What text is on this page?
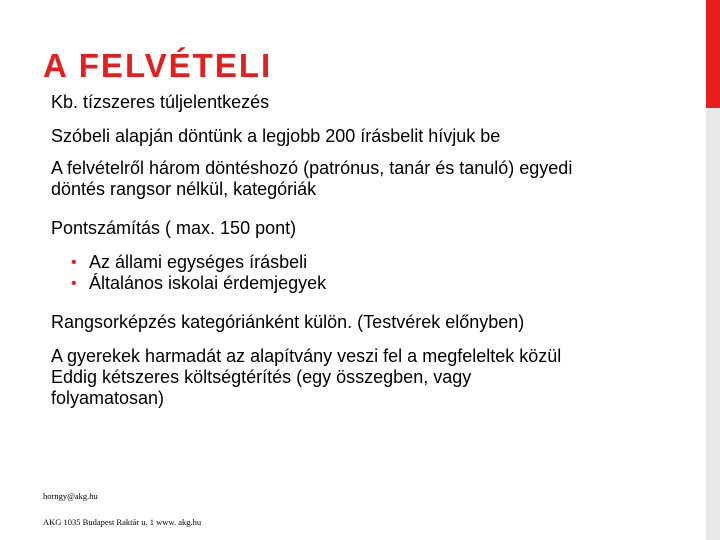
A FELVÉTELI
Kb. tízszeres túljelentkezés
Szóbeli alapján döntünk a legjobb 200 írásbelit hívjuk be
A felvételről három döntéshozó (patrónus, tanár és tanuló) egyedi
döntés rangsor nélkül, kategóriák
Pontszámítás ( max. 150 pont)
• Az állami egységes írásbeli
• Általános iskolai érdemjegyek
Rangsorképzés kategóriánként külön. (Testvérek előnyben)
A gyerekek harmadát az alapítvány veszi fel a megfeleltek közül
Eddig kétszeres költségtérítés (egy összegben, vagy
folyamatosan)
horngy@akg.hu
AKG 1035 Budapest Raktár u. 1 www. akg.hu
